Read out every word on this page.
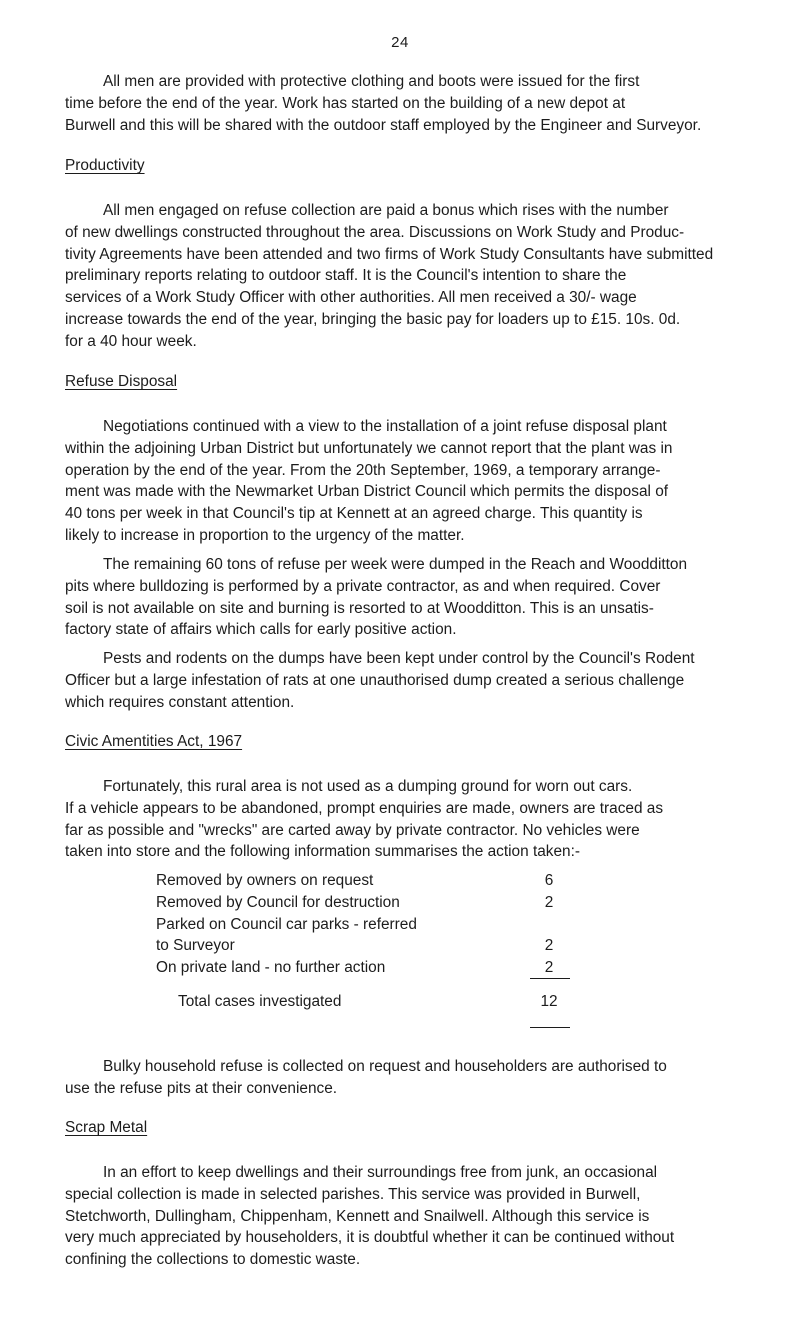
24
All men are provided with protective clothing and boots were issued for the first
time before the end of the year. Work has started on the building of a new depot at
Burwell and this will be shared with the outdoor staff employed by the Engineer and Surveyor.
Productivity
All men engaged on refuse collection are paid a bonus which rises with the number
of new dwellings constructed throughout the area. Discussions on Work Study and Produc-
tivity Agreements have been attended and two firms of Work Study Consultants have submitted
preliminary reports relating to outdoor staff. It is the Council's intention to share the
services of a Work Study Officer with other authorities. All men received a 30/- wage
increase towards the end of the year, bringing the basic pay for loaders up to £15. 10s. 0d.
for a 40 hour week.
Refuse Disposal
Negotiations continued with a view to the installation of a joint refuse disposal plant
within the adjoining Urban District but unfortunately we cannot report that the plant was in
operation by the end of the year. From the 20th September, 1969, a temporary arrange-
ment was made with the Newmarket Urban District Council which permits the disposal of
40 tons per week in that Council's tip at Kennett at an agreed charge. This quantity is
likely to increase in proportion to the urgency of the matter.
The remaining 60 tons of refuse per week were dumped in the Reach and Woodditton
pits where bulldozing is performed by a private contractor, as and when required. Cover
soil is not available on site and burning is resorted to at Woodditton. This is an unsatis-
factory state of affairs which calls for early positive action.
Pests and rodents on the dumps have been kept under control by the Council's Rodent
Officer but a large infestation of rats at one unauthorised dump created a serious challenge
which requires constant attention.
Civic Amentities Act, 1967
Fortunately, this rural area is not used as a dumping ground for worn out cars.
If a vehicle appears to be abandoned, prompt enquiries are made, owners are traced as
far as possible and "wrecks" are carted away by private contractor. No vehicles were
taken into store and the following information summarises the action taken:-
Removed by owners on request	6
Removed by Council for destruction	2
Parked on Council car parks - referred
to Surveyor	2
On private land - no further action	2
Total cases investigated	12
Bulky household refuse is collected on request and householders are authorised to
use the refuse pits at their convenience.
Scrap Metal
In an effort to keep dwellings and their surroundings free from junk, an occasional
special collection is made in selected parishes. This service was provided in Burwell,
Stetchworth, Dullingham, Chippenham, Kennett and Snailwell. Although this service is
very much appreciated by householders, it is doubtful whether it can be continued without
confining the collections to domestic waste.
